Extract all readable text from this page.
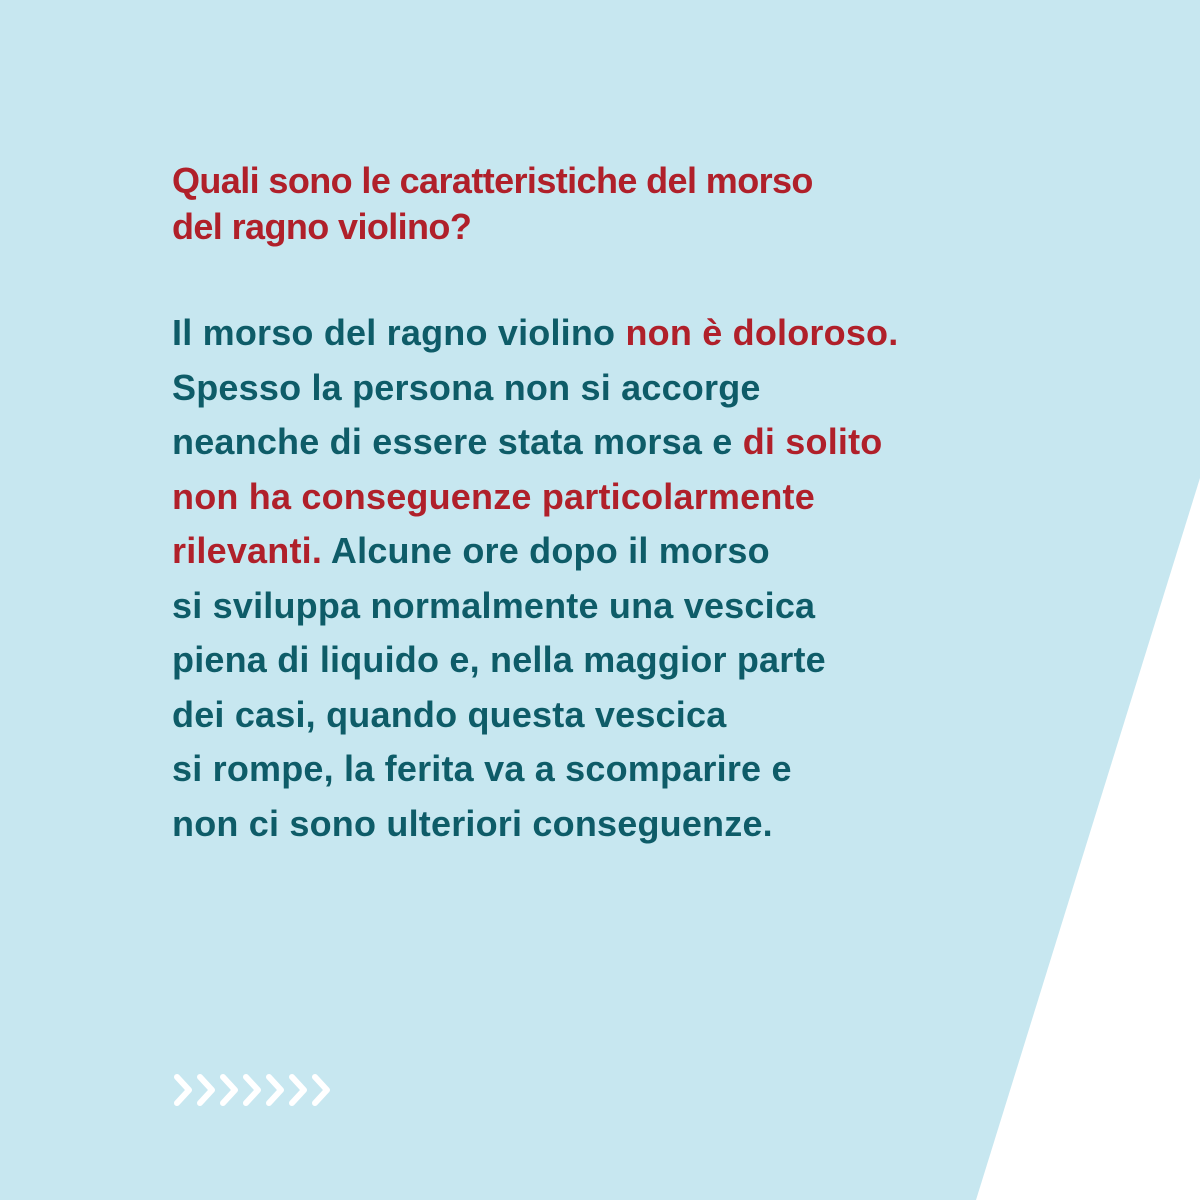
Quali sono le caratteristiche del morso
del ragno violino?

Il morso del ragno violino non è doloroso.
Spesso la persona non si accorge
neanche di essere stata morsa e di solito
non ha conseguenze particolarmente
rilevanti. Alcune ore dopo il morso
si sviluppa normalmente una vescica
piena di liquido e, nella maggior parte
dei casi, quando questa vescica
si rompe, la ferita va a scomparire e
non ci sono ulteriori conseguenze.
